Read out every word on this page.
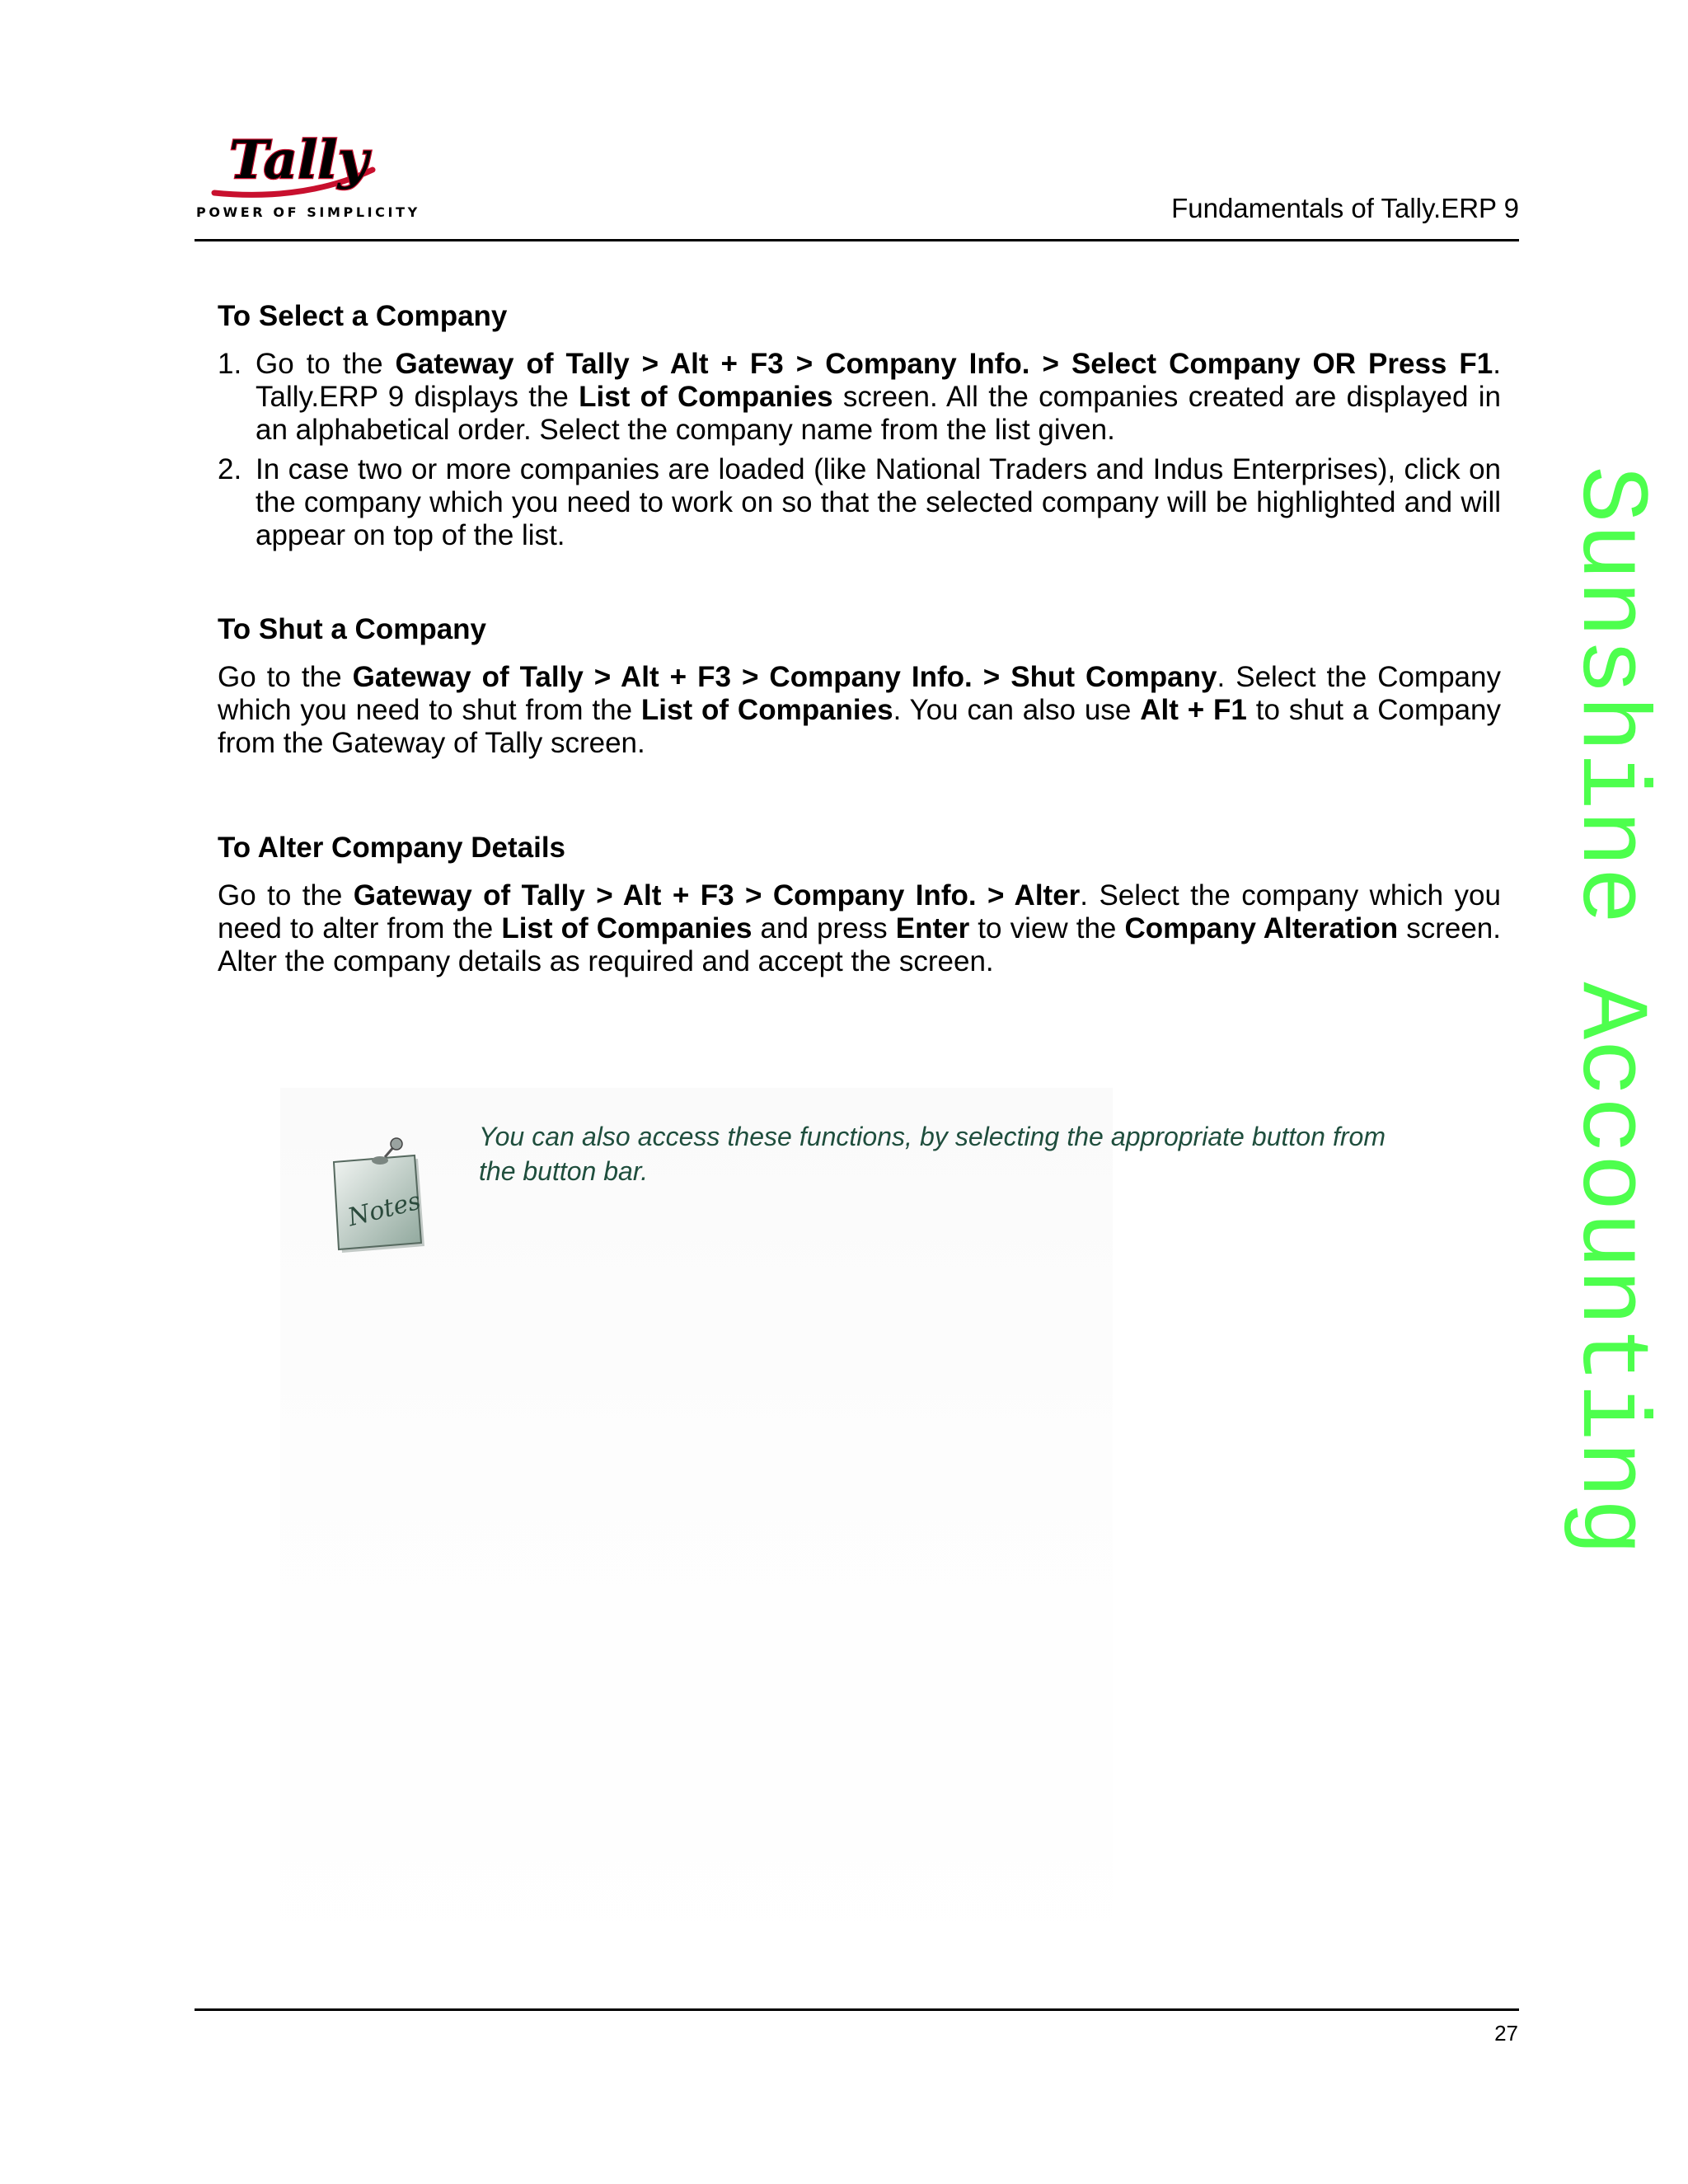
Tally
POWER OF SIMPLICITY	Fundamentals of Tally.ERP 9
To Select a Company
1. Go to the Gateway of Tally > Alt + F3 > Company Info. > Select Company OR Press F1. Tally.ERP 9 displays the List of Companies screen. All the companies created are displayed in an alphabetical order. Select the company name from the list given.
2. In case two or more companies are loaded (like National Traders and Indus Enterprises), click on the company which you need to work on so that the selected company will be highlighted and will appear on top of the list.
To Shut a Company

Go to the Gateway of Tally > Alt + F3 > Company Info. > Shut Company. Select the Company which you need to shut from the List of Companies. You can also use Alt + F1 to shut a Company from the Gateway of Tally screen.

To Alter Company Details

Go to the Gateway of Tally > Alt + F3 > Company Info. > Alter. Select the company which you need to alter from the List of Companies and press Enter to view the Company Alteration screen. Alter the company details as required and accept the screen.

Notes
You can also access these functions, by selecting the appropriate button from the button bar.	Sunshine Accounting
27
